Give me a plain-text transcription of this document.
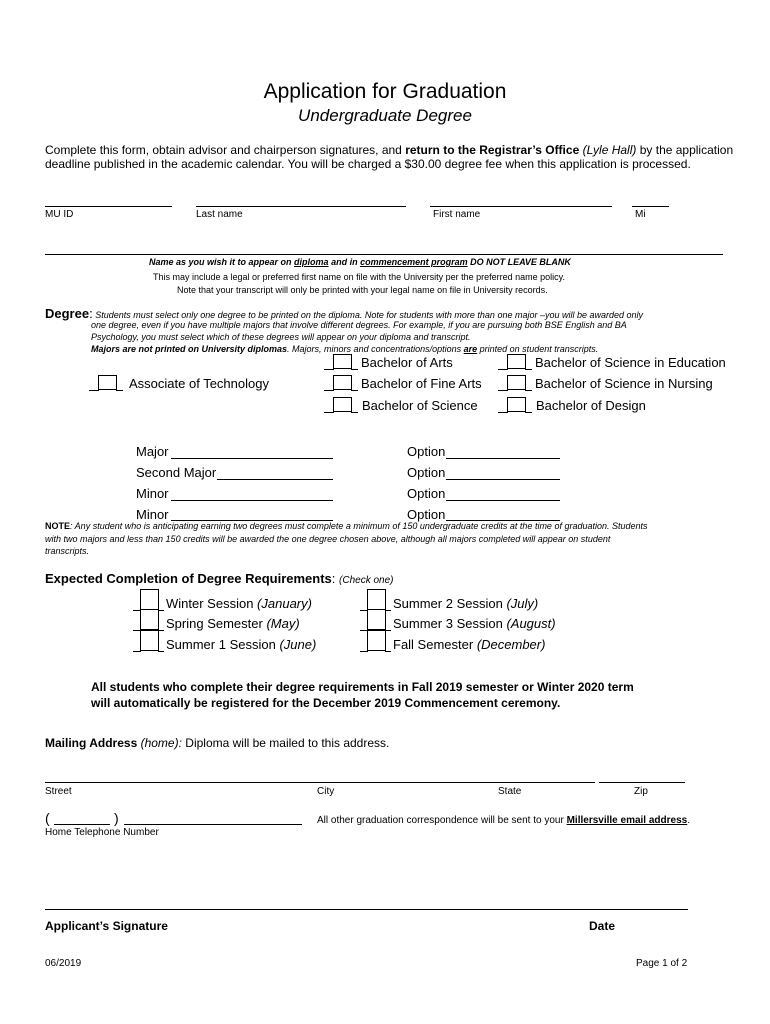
Application for Graduation
Undergraduate Degree
Complete this form, obtain advisor and chairperson signatures, and return to the Registrar’s Office (Lyle Hall) by the application
deadline published in the academic calendar. You will be charged a $30.00 degree fee when this application is processed.
MU ID	Last name	First name	Mi
Name as you wish it to appear on diploma and in commencement program DO NOT LEAVE BLANK
This may include a legal or preferred first name on file with the University per the preferred name policy.
Note that your transcript will only be printed with your legal name on file in University records.
Degree: Students must select only one degree to be printed on the diploma. Note for students with more than one major –you will be awarded only
one degree, even if you have multiple majors that involve different degrees. For example, if you are pursuing both BSE English and BA
Psychology, you must select which of these degrees will appear on your diploma and transcript.
Majors are not printed on University diplomas. Majors, minors and concentrations/options are printed on student transcripts.
Bachelor of Arts	Bachelor of Science in Education
Associate of Technology	Bachelor of Fine Arts	Bachelor of Science in Nursing
Bachelor of Science	Bachelor of Design
Major	Option
Second Major	Option
Minor	Option
Minor	Option
NOTE: Any student who is anticipating earning two degrees must complete a minimum of 150 undergraduate credits at the time of graduation. Students
with two majors and less than 150 credits will be awarded the one degree chosen above, although all majors completed will appear on student
transcripts.
Expected Completion of Degree Requirements: (Check one)
Winter Session (January)
Spring Semester (May)
Summer 1 Session (June)
Summer 2 Session (July)
Summer 3 Session (August)
Fall Semester (December)
All students who complete their degree requirements in Fall 2019 semester or Winter 2020 term
will automatically be registered for the December 2019 Commencement ceremony.
Mailing Address (home): Diploma will be mailed to this address.
Street	City	State	Zip
(	)
Home Telephone Number
All other graduation correspondence will be sent to your Millersville email address.
Applicant’s Signature	Date
06/2019	Page 1 of 2
